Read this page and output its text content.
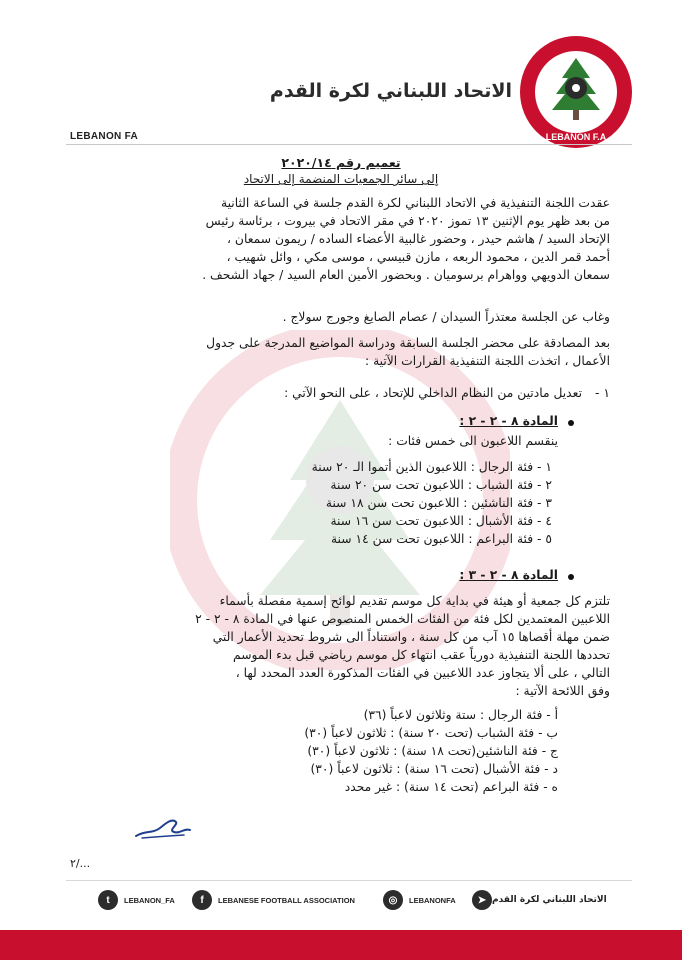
الاتحاد اللبناني لكرة القدم
LEBANON F.A
LEBANON FA
تعميم رقم ٢٠٢٠/١٤
إلى سائر الجمعيات المنضمة إلى الاتحاد
عقدت اللجنة التنفيذية في الاتحاد اللبناني لكرة القدم جلسة في الساعة الثانية
من بعد ظهر يوم الإثنين ١٣ تموز ٢٠٢٠ في مقر الاتحاد في بيروت ، برئاسة رئيس
الإتحاد السيد / هاشم حيدر ، وحضور غالبية الأعضاء الساده / ريمون سمعان ،
أحمد قمر الدين ، محمود الربعه ، مازن قبيسي ، موسى مكي ، وائل شهيب ،
سمعان الدويهي وواهرام برسوميان . وبحضور الأمين العام السيد / جهاد الشحف .
وغاب عن الجلسة معتذراً السيدان / عصام الصايغ وجورج سولاج .
بعد المصادقة على محضر الجلسة السابقة ودراسة المواضيع المدرجة على جدول
الأعمال ، اتخذت اللجنة التنفيذية القرارات الآتية :
١ -
تعديل مادتين من النظام الداخلي للإتحاد ، على النحو الآتي :
المادة ٨ - ٢ - ٢ :
ينقسم اللاعبون الى خمس فئات :
١ - فئة الرجال : اللاعبون الذين أتموا الـ ٢٠ سنة
٢ - فئة الشباب : اللاعبون تحت سن ٢٠ سنة
٣ - فئة الناشئين : اللاعبون تحت سن ١٨ سنة
٤ - فئة الأشبال : اللاعبون تحت سن ١٦ سنة
٥ - فئة البراعم : اللاعبون تحت سن ١٤ سنة
المادة ٨ - ٢ - ٣ :
تلتزم كل جمعية أو هيئة في بداية كل موسم تقديم لوائح إسمية مفصلة بأسماء
اللاعبين المعتمدين لكل فئة من الفئات الخمس المنصوص عنها في المادة ٨ - ٢ - ٢
ضمن مهلة أقصاها ١٥ آب من كل سنة ، واستناداً الى شروط تحديد الأعمار التي
تحددها اللجنة التنفيذية دورياً عقب انتهاء كل موسم رياضي قبل بدء الموسم
التالي ، على ألا يتجاوز عدد اللاعبين في الفئات المذكورة العدد المحدد لها ،
وفق اللائحة الآتية :
أ - فئة الرجال : ستة وثلاثون لاعباً (٣٦)
ب - فئة الشباب (تحت ٢٠ سنة) : ثلاثون لاعباً (٣٠)
ج - فئة الناشئين(تحت ١٨ سنة) : ثلاثون لاعباً (٣٠)
د - فئة الأشبال (تحت ١٦ سنة) : ثلاثون لاعباً (٣٠)
ه - فئة البراعم (تحت ١٤ سنة) : غير محدد
٢/...
t	LEBANON_FA	f	LEBANESE FOOTBALL ASSOCIATION	◎	LEBANONFA	➤ الاتحاد اللبناني لكرة القدم
